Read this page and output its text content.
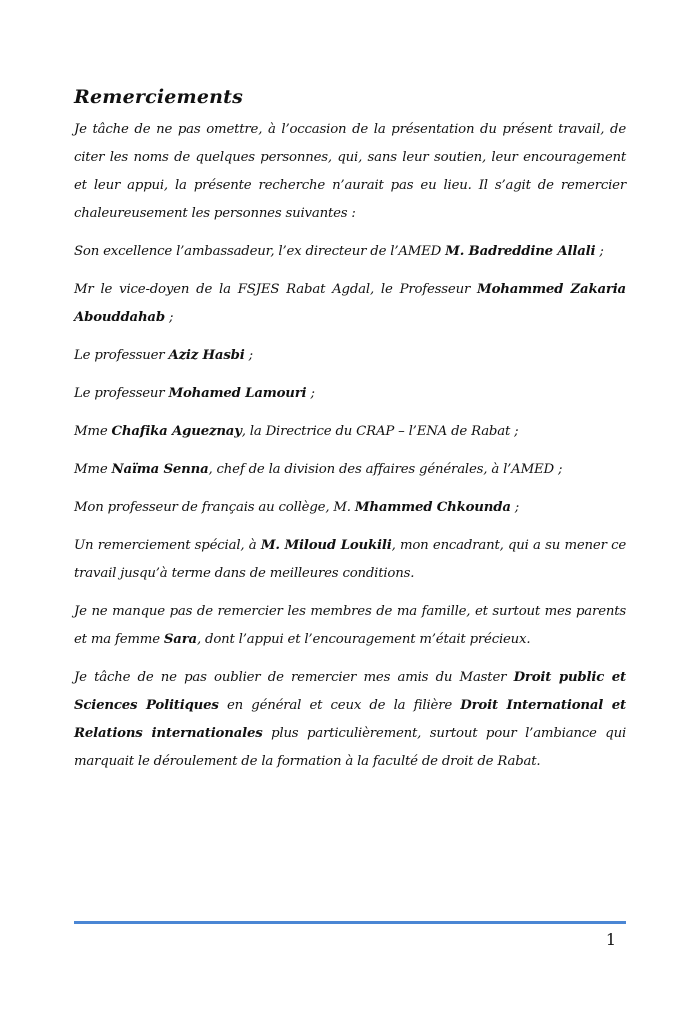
Remerciements

Je tâche de ne pas omettre, à l’occasion de la présentation du présent travail, de citer les noms de quelques personnes, qui, sans leur soutien, leur encouragement et leur appui, la présente recherche n’aurait pas eu lieu. Il s’agit de remercier chaleureusement les personnes suivantes :

Son excellence l’ambassadeur, l’ex directeur de l’AMED M. Badreddine Allali ;

Mr le vice-doyen de la FSJES Rabat Agdal, le Professeur Mohammed Zakaria Abouddahab ;

Le professuer Aziz Hasbi ;

Le professeur Mohamed Lamouri ;

Mme Chafika Agueznay, la Directrice du CRAP – l’ENA de Rabat ;

Mme Naïma Senna, chef de la division des affaires générales, à l’AMED ;

Mon professeur de français au collège, M. Mhammed Chkounda ;

Un remerciement spécial, à M. Miloud Loukili, mon encadrant, qui a su mener ce travail jusqu’à terme dans de meilleures conditions.

Je ne manque pas de remercier les membres de ma famille, et surtout mes parents et ma femme Sara, dont l’appui et l’encouragement m’était précieux.

Je tâche de ne pas oublier de remercier mes amis du Master Droit public et Sciences Politiques en général et ceux de la filière Droit International et Relations internationales plus particulièrement, surtout pour l’ambiance qui marquait le déroulement de la formation à la faculté de droit de Rabat.

1
